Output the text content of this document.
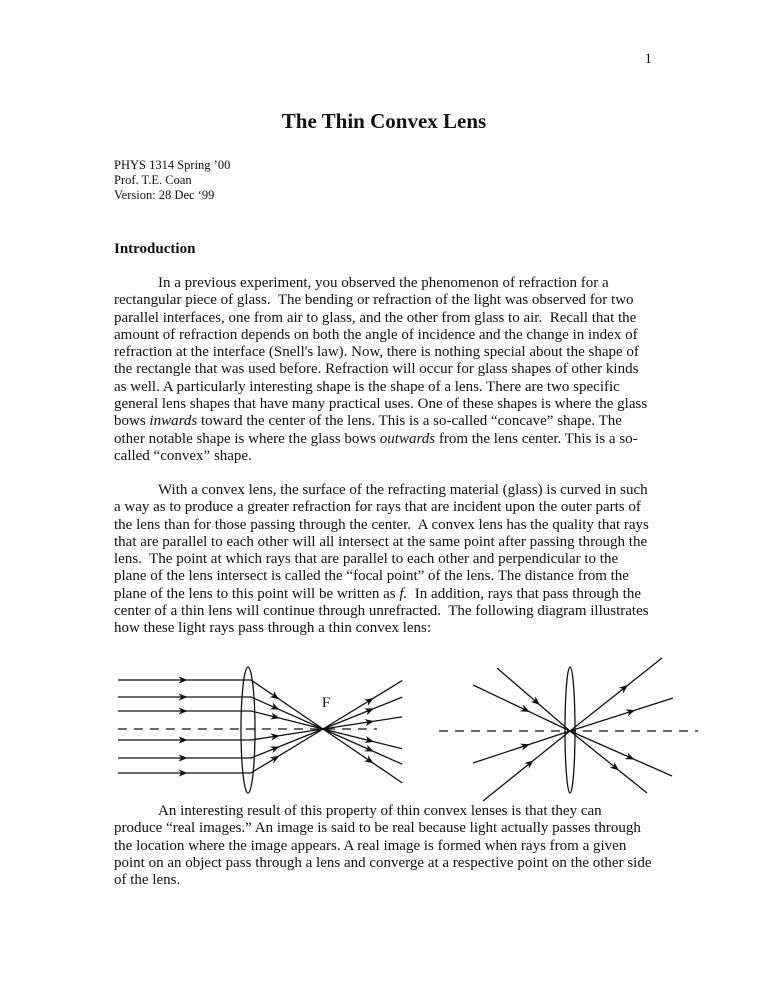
1
The Thin Convex Lens
PHYS 1314 Spring ’00
Prof. T.E. Coan
Version: 28 Dec ‘99
Introduction
In a previous experiment, you observed the phenomenon of refraction for a
rectangular piece of glass.  The bending or refraction of the light was observed for two
parallel interfaces, one from air to glass, and the other from glass to air.  Recall that the
amount of refraction depends on both the angle of incidence and the change in index of
refraction at the interface (Snell's law). Now, there is nothing special about the shape of
the rectangle that was used before. Refraction will occur for glass shapes of other kinds
as well. A particularly interesting shape is the shape of a lens. There are two specific
general lens shapes that have many practical uses. One of these shapes is where the glass
bows inwards toward the center of the lens. This is a so-called “concave” shape. The
other notable shape is where the glass bows outwards from the lens center. This is a so-
called “convex” shape.
With a convex lens, the surface of the refracting material (glass) is curved in such
a way as to produce a greater refraction for rays that are incident upon the outer parts of
the lens than for those passing through the center.  A convex lens has the quality that rays
that are parallel to each other will all intersect at the same point after passing through the
lens.  The point at which rays that are parallel to each other and perpendicular to the
plane of the lens intersect is called the “focal point” of the lens. The distance from the
plane of the lens to this point will be written as f.  In addition, rays that pass through the
center of a thin lens will continue through unrefracted.  The following diagram illustrates
how these light rays pass through a thin convex lens:
F
An interesting result of this property of thin convex lenses is that they can
produce “real images.” An image is said to be real because light actually passes through
the location where the image appears. A real image is formed when rays from a given
point on an object pass through a lens and converge at a respective point on the other side
of the lens.
